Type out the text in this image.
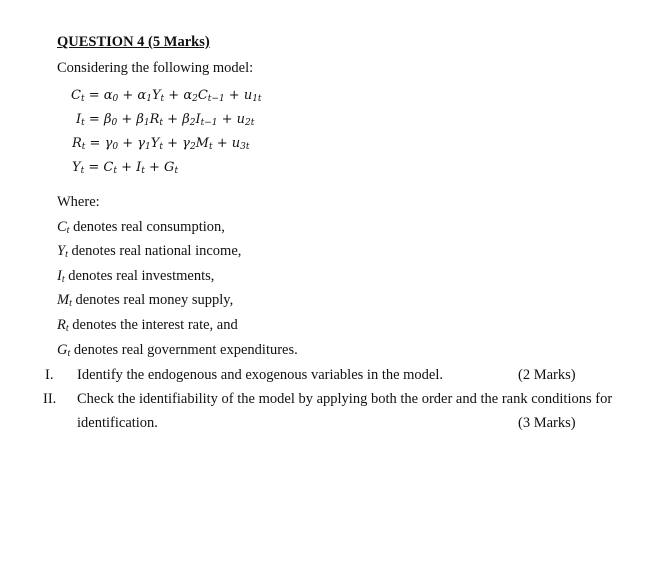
QUESTION 4 (5 Marks)
Considering the following model:
$C_t = \alpha_0 + \alpha_1Y_t + \alpha_2C_{t-1} + u_{1t}$
$I_t = \beta_0 + \beta_1R_t + \beta_2I_{t-1} + u_{2t}$
$R_t = \gamma_0 + \gamma_1Y_t + \gamma_2M_t + u_{3t}$
$Y_t = C_t + I_t + G_t$
Where:
$C_t$ denotes real consumption,
$Y_t$ denotes real national income,
$I_t$ denotes real investments,
$M_t$ denotes real money supply,
$R_t$ denotes the interest rate, and
$G_t$ denotes real government expenditures.
I. Identify the endogenous and exogenous variables in the model.	(2 Marks)
II. Check the identifiability of the model by applying both the order and the rank conditions for
identification.	(3 Marks)
